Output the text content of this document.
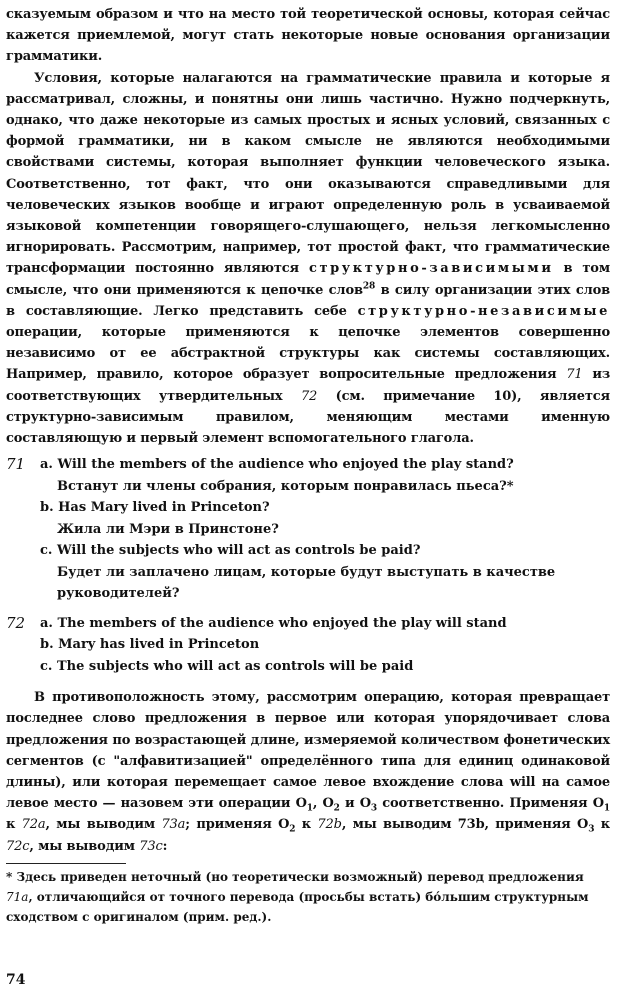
сказуемым образом и что на место той теоретической основы, которая сейчас кажется приемлемой, могут стать некоторые новые основания организации грамматики.

Условия, которые налагаются на грамматические правила и которые я рассматривал, сложны, и понятны они лишь частично. Нужно подчеркнуть, однако, что даже некоторые из самых простых и ясных условий, связанных с формой грамматики, ни в каком смысле не являются необходимыми свойствами системы, которая выполняет функции человеческого языка. Соответственно, тот факт, что они оказываются справедливыми для человеческих языков вообще и играют определенную роль в усваиваемой языковой компетенции говорящего-слушающего, нельзя легкомысленно игнорировать. Рассмотрим, например, тот простой факт, что грамматические трансформации постоянно являются структурно-зависимыми в том смысле, что они применяются к цепочке слов$^{28}$ в силу организации этих слов в составляющие. Легко представить себе структурно-независимые операции, которые применяются к цепочке элементов совершенно независимо от ее абстрактной структуры как системы составляющих. Например, правило, которое образует вопросительные предложения 71 из соответствующих утвердительных 72 (см. примечание 10), является структурно-зависимым правилом, меняющим местами именную составляющую и первый элемент вспомогательного глагола.

71 a. Will the members of the audience who enjoyed the play stand?
Встанут ли члены собрания, которым понравилась пьеса?*
b. Has Mary lived in Princeton?
Жила ли Мэри в Принстоне?
c. Will the subjects who will act as controls be paid?
Будет ли заплачено лицам, которые будут выступать в качестве
руководителей?
72 a. The members of the audience who enjoyed the play will stand
b. Mary has lived in Princeton
c. The subjects who will act as controls will be paid

В противоположность этому, рассмотрим операцию, которая превращает последнее слово предложения в первое или которая упорядочивает слова предложения по возрастающей длине, измеряемой количеством фонетических сегментов (с "алфавитизацией" определённого типа для единиц одинаковой длины), или которая перемещает самое левое вхождение слова will на самое левое место — назовем эти операции $O_1$, $O_2$ и $O_3$ соответственно. Применяя $O_1$ к 72a, мы выводим 73a; применяя $O_2$ к 72b, мы выводим 73b, применяя $O_3$ к 72c, мы выводим 73c:

* Здесь приведен неточный (но теоретически возможный) перевод предложения 71a, отличающийся от точного перевода (просьбы встать) бо́льшим структурным сходством с оригиналом (прим. ред.).

74
